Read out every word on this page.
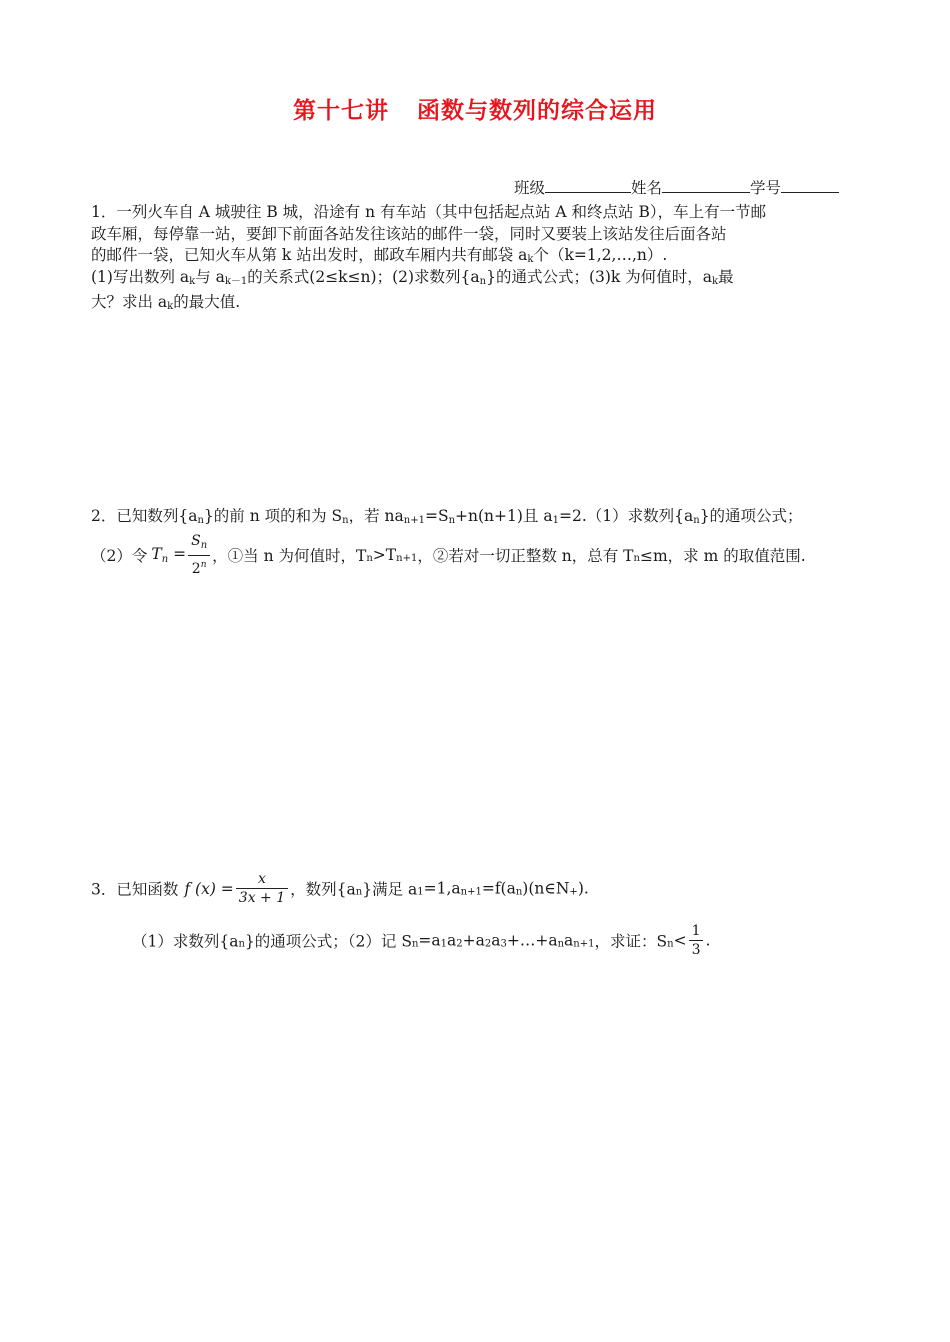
第十七讲 函数与数列的综合运用
班级	姓名	学号
1．一列火车自 A 城驶往 B 城，沿途有 n 有车站（其中包括起点站 A 和终点站 B），车上有一节邮
政车厢，每停靠一站，要卸下前面各站发往该站的邮件一袋，同时又要装上该站发往后面各站
的邮件一袋，已知火车从第 k 站出发时，邮政车厢内共有邮袋 $a_k$个（k=1,2,…,n）.
(1)写出数列 $a_k$与 $a_{k-1}$的关系式(2≤k≤n)；(2)求数列$\{a_n\}$的通式公式；(3)k 为何值时，$a_k$最
大？求出 $a_k$的最大值.
2．已知数列$\{a_n\}$的前 n 项的和为 $S_n$，若 $na_{n+1}=S_n+n(n+1)$且 $a_1=2.(1)$求数列$\{a_n\}$的通项公式；
（2）令 $Tn = \frac{S_n}{2^n}$ ，①当 n 为何值时，$T_n>T_{n+1}$，②若对一切正整数 n，总有 $T_n\le m$，求 m 的取值范围.
3．已知函数 f $(x) = \frac{x}{3x + 1}$ ，数列$\{a_n\}$满足 $a_1=1,a_{n+1}=f(a_n)(n\in N_+)$.
（1）求数列$\{a_n\}$的通项公式；（2）记 $S_n=a_1a_2+a_2a_3+\dots+a_na_{n+1}$，求证：$S_n< \frac{1}{3}$ .
